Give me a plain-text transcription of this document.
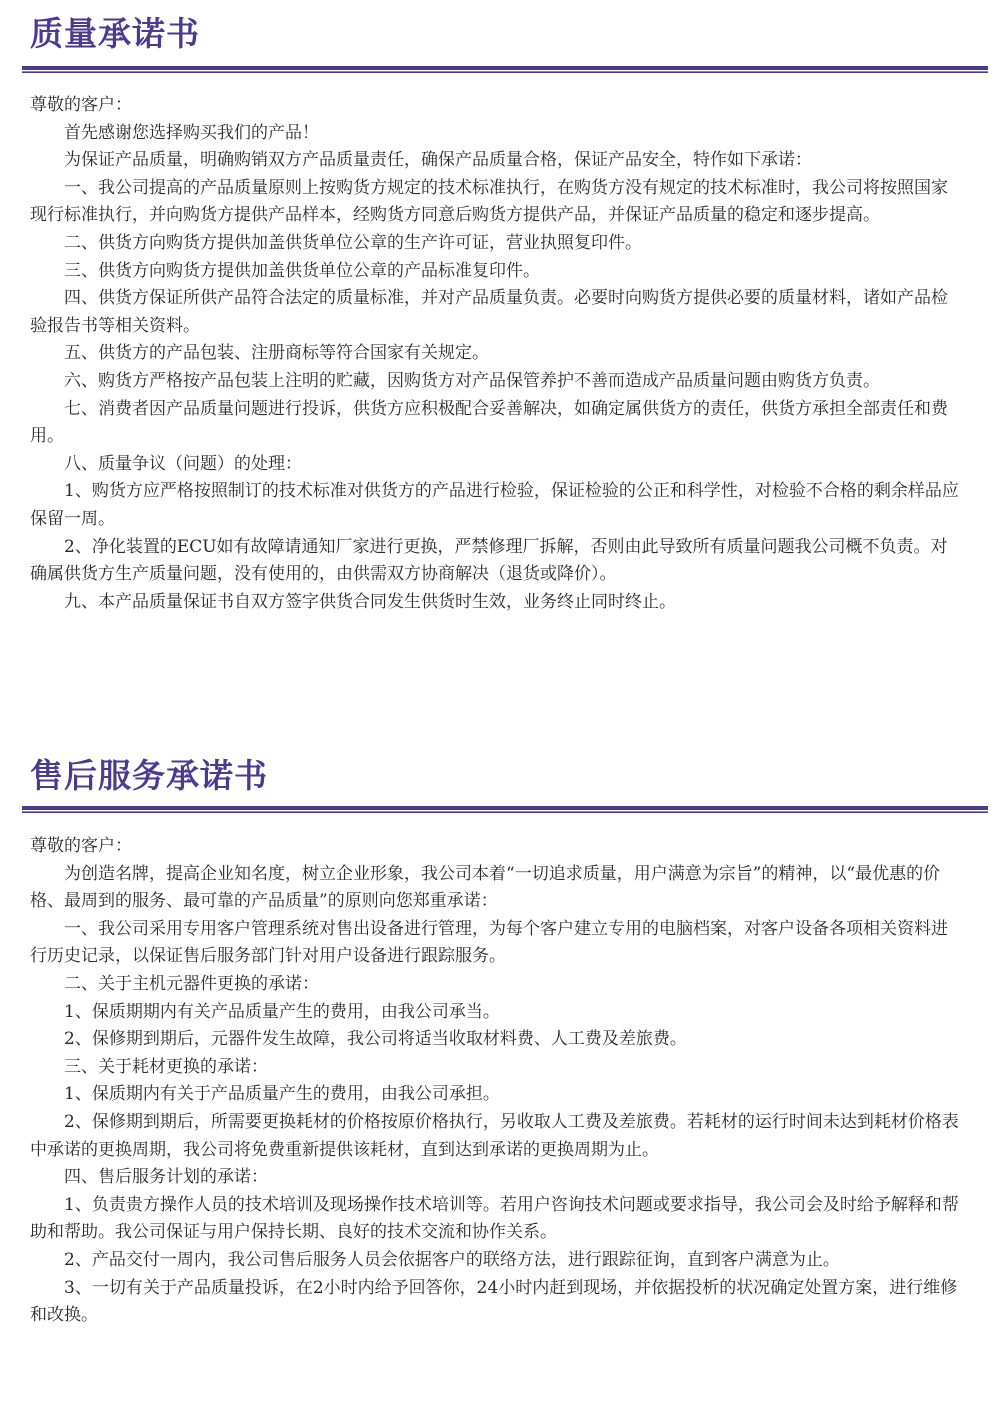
质量承诺书

尊敬的客户：

首先感谢您选择购买我们的产品！

为保证产品质量，明确购销双方产品质量责任，确保产品质量合格，保证产品安全，特作如下承诺：

一、我公司提高的产品质量原则上按购货方规定的技术标准执行，在购货方没有规定的技术标准时，我公司将按照国家现行标准执行，并向购货方提供产品样本，经购货方同意后购货方提供产品，并保证产品质量的稳定和逐步提高。

二、供货方向购货方提供加盖供货单位公章的生产许可证，营业执照复印件。

三、供货方向购货方提供加盖供货单位公章的产品标准复印件。

四、供货方保证所供产品符合法定的质量标准，并对产品质量负责。必要时向购货方提供必要的质量材料，诸如产品检验报告书等相关资料。

五、供货方的产品包装、注册商标等符合国家有关规定。

六、购货方严格按产品包装上注明的贮藏，因购货方对产品保管养护不善而造成产品质量问题由购货方负责。

七、消费者因产品质量问题进行投诉，供货方应积极配合妥善解决，如确定属供货方的责任，供货方承担全部责任和费用。

八、质量争议（问题）的处理：

1、购货方应严格按照制订的技术标准对供货方的产品进行检验，保证检验的公正和科学性，对检验不合格的剩余样品应保留一周。

2、净化装置的ECU如有故障请通知厂家进行更换，严禁修理厂拆解，否则由此导致所有质量问题我公司概不负责。对确属供货方生产质量问题，没有使用的，由供需双方协商解决（退货或降价）。

九、本产品质量保证书自双方签字供货合同发生供货时生效，业务终止同时终止。

售后服务承诺书

尊敬的客户：

为创造名牌，提高企业知名度，树立企业形象，我公司本着“一切追求质量，用户满意为宗旨”的精神，以“最优惠的价格、最周到的服务、最可靠的产品质量”的原则向您郑重承诺：

一、我公司采用专用客户管理系统对售出设备进行管理，为每个客户建立专用的电脑档案，对客户设备各项相关资料进行历史记录，以保证售后服务部门针对用户设备进行跟踪服务。

二、关于主机元器件更换的承诺：

1、保质期期内有关产品质量产生的费用，由我公司承当。

2、保修期到期后，元器件发生故障，我公司将适当收取材料费、人工费及差旅费。

三、关于耗材更换的承诺：

1、保质期内有关于产品质量产生的费用，由我公司承担。

2、保修期到期后，所需要更换耗材的价格按原价格执行，另收取人工费及差旅费。若耗材的运行时间未达到耗材价格表中承诺的更换周期，我公司将免费重新提供该耗材，直到达到承诺的更换周期为止。

四、售后服务计划的承诺：

1、负责贵方操作人员的技术培训及现场操作技术培训等。若用户咨询技术问题或要求指导，我公司会及时给予解释和帮助和帮助。我公司保证与用户保持长期、良好的技术交流和协作关系。

2、产品交付一周内，我公司售后服务人员会依据客户的联络方法，进行跟踪征询，直到客户满意为止。

3、一切有关于产品质量投诉，在2小时内给予回答你，24小时内赶到现场，并依据投析的状况确定处置方案，进行维修和改换。
